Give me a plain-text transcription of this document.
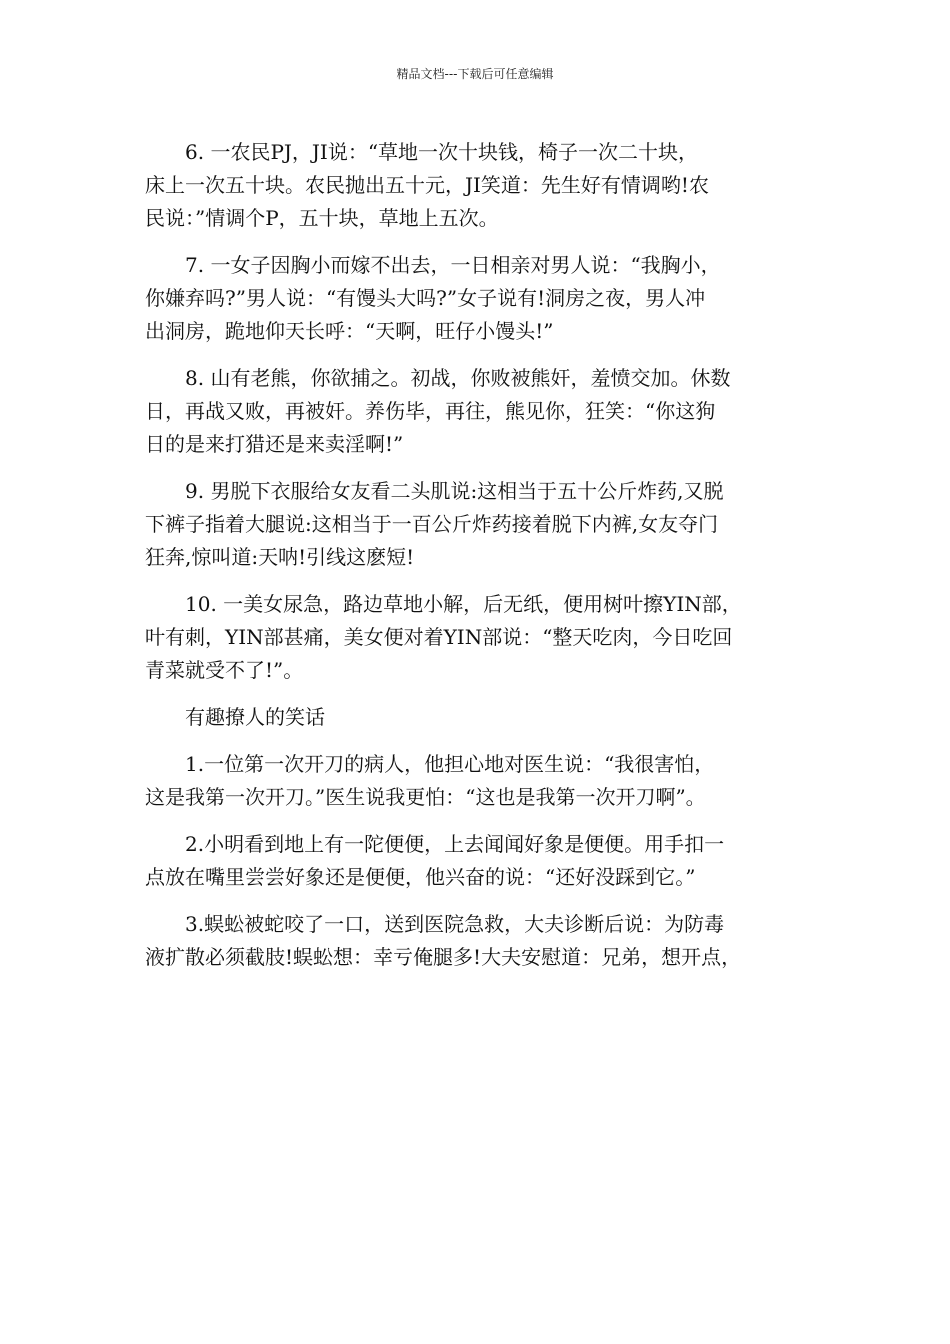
精品文档---下载后可任意编辑

6. 一农民PJ，JI说：“草地一次十块钱，椅子一次二十块，
床上一次五十块。农民抛出五十元，JI笑道：先生好有情调哟!农
民说：”情调个P，五十块，草地上五次。

7. 一女子因胸小而嫁不出去，一日相亲对男人说：“我胸小，
你嫌弃吗?”男人说：“有馒头大吗?”女子说有!洞房之夜，男人冲
出洞房，跪地仰天长呼：“天啊，旺仔小馒头!”

8. 山有老熊，你欲捕之。初战，你败被熊奸，羞愤交加。休数
日，再战又败，再被奸。养伤毕，再往，熊见你，狂笑：“你这狗
日的是来打猎还是来卖淫啊!”

9. 男脱下衣服给女友看二头肌说:这相当于五十公斤炸药,又脱
下裤子指着大腿说:这相当于一百公斤炸药接着脱下内裤,女友夺门
狂奔,惊叫道:天呐!引线这麽短!

10. 一美女尿急，路边草地小解，后无纸，便用树叶擦YIN部，
叶有刺，YIN部甚痛，美女便对着YIN部说：“整天吃肉，今日吃回
青菜就受不了!”。

有趣撩人的笑话

1.一位第一次开刀的病人，他担心地对医生说：“我很害怕，
这是我第一次开刀。”医生说我更怕：“这也是我第一次开刀啊”。

2.小明看到地上有一陀便便，上去闻闻好象是便便。用手扣一
点放在嘴里尝尝好象还是便便，他兴奋的说：“还好没踩到它。”

3.蜈蚣被蛇咬了一口，送到医院急救，大夫诊断后说：为防毒
液扩散必须截肢!蜈蚣想：幸亏俺腿多!大夫安慰道：兄弟，想开点，
